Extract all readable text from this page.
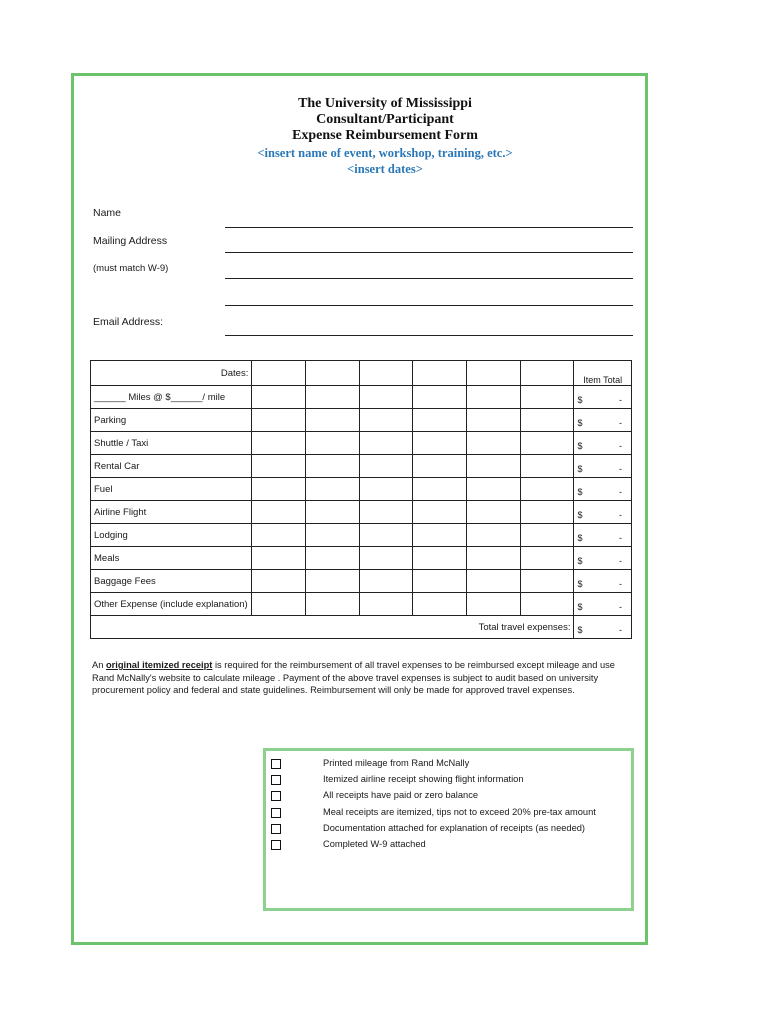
The University of Mississippi
Consultant/Participant
Expense Reimbursement Form
<insert name of event, workshop, training, etc.>
<insert dates>
Name
Mailing Address
(must match W-9)
Email Address:
Dates:							Item Total
______ Miles @ $______/ mile							$ -

Parking							$ -

Shuttle / Taxi							$ -

Rental Car							$ -

Fuel							$ -

Airline Flight							$ -

Lodging							$ -

Meals							$ -

Baggage Fees							$ -

Other Expense (include explanation)							$ -

Total travel expenses:							$ -
An original itemized receipt is required for the reimbursement of all travel expenses to be reimbursed except mileage and use Rand McNally's website to calculate mileage . Payment of the above travel expenses is subject to audit based on university procurement policy and federal and state guidelines. Reimbursement will only be made for approved travel expenses.
Printed mileage from Rand McNally
Itemized airline receipt showing flight information
All receipts have paid or zero balance
Meal receipts are itemized, tips not to exceed 20% pre-tax amount
Documentation attached for explanation of receipts (as needed)
Completed W-9 attached
